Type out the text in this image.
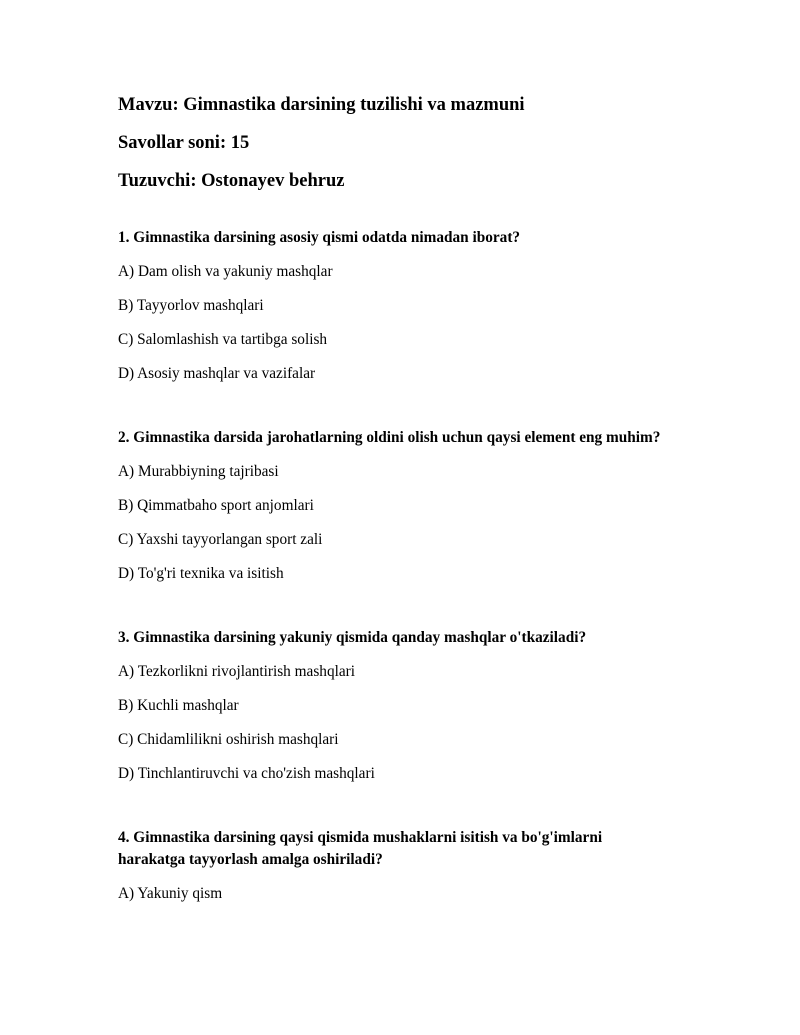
Mavzu: Gimnastika darsining tuzilishi va mazmuni
Savollar soni: 15
Tuzuvchi: Ostonayev behruz
1. Gimnastika darsining asosiy qismi odatda nimadan iborat?
A) Dam olish va yakuniy mashqlar
B) Tayyorlov mashqlari
C) Salomlashish va tartibga solish
D) Asosiy mashqlar va vazifalar
2. Gimnastika darsida jarohatlarning oldini olish uchun qaysi element eng muhim?
A) Murabbiyning tajribasi
B) Qimmatbaho sport anjomlari
C) Yaxshi tayyorlangan sport zali
D) To'g'ri texnika va isitish
3. Gimnastika darsining yakuniy qismida qanday mashqlar o'tkaziladi?
A) Tezkorlikni rivojlantirish mashqlari
B) Kuchli mashqlar
C) Chidamlilikni oshirish mashqlari
D) Tinchlantiruvchi va cho'zish mashqlari
4. Gimnastika darsining qaysi qismida mushaklarni isitish va bo'g'imlarni harakatga tayyorlash amalga oshiriladi?
A) Yakuniy qism
